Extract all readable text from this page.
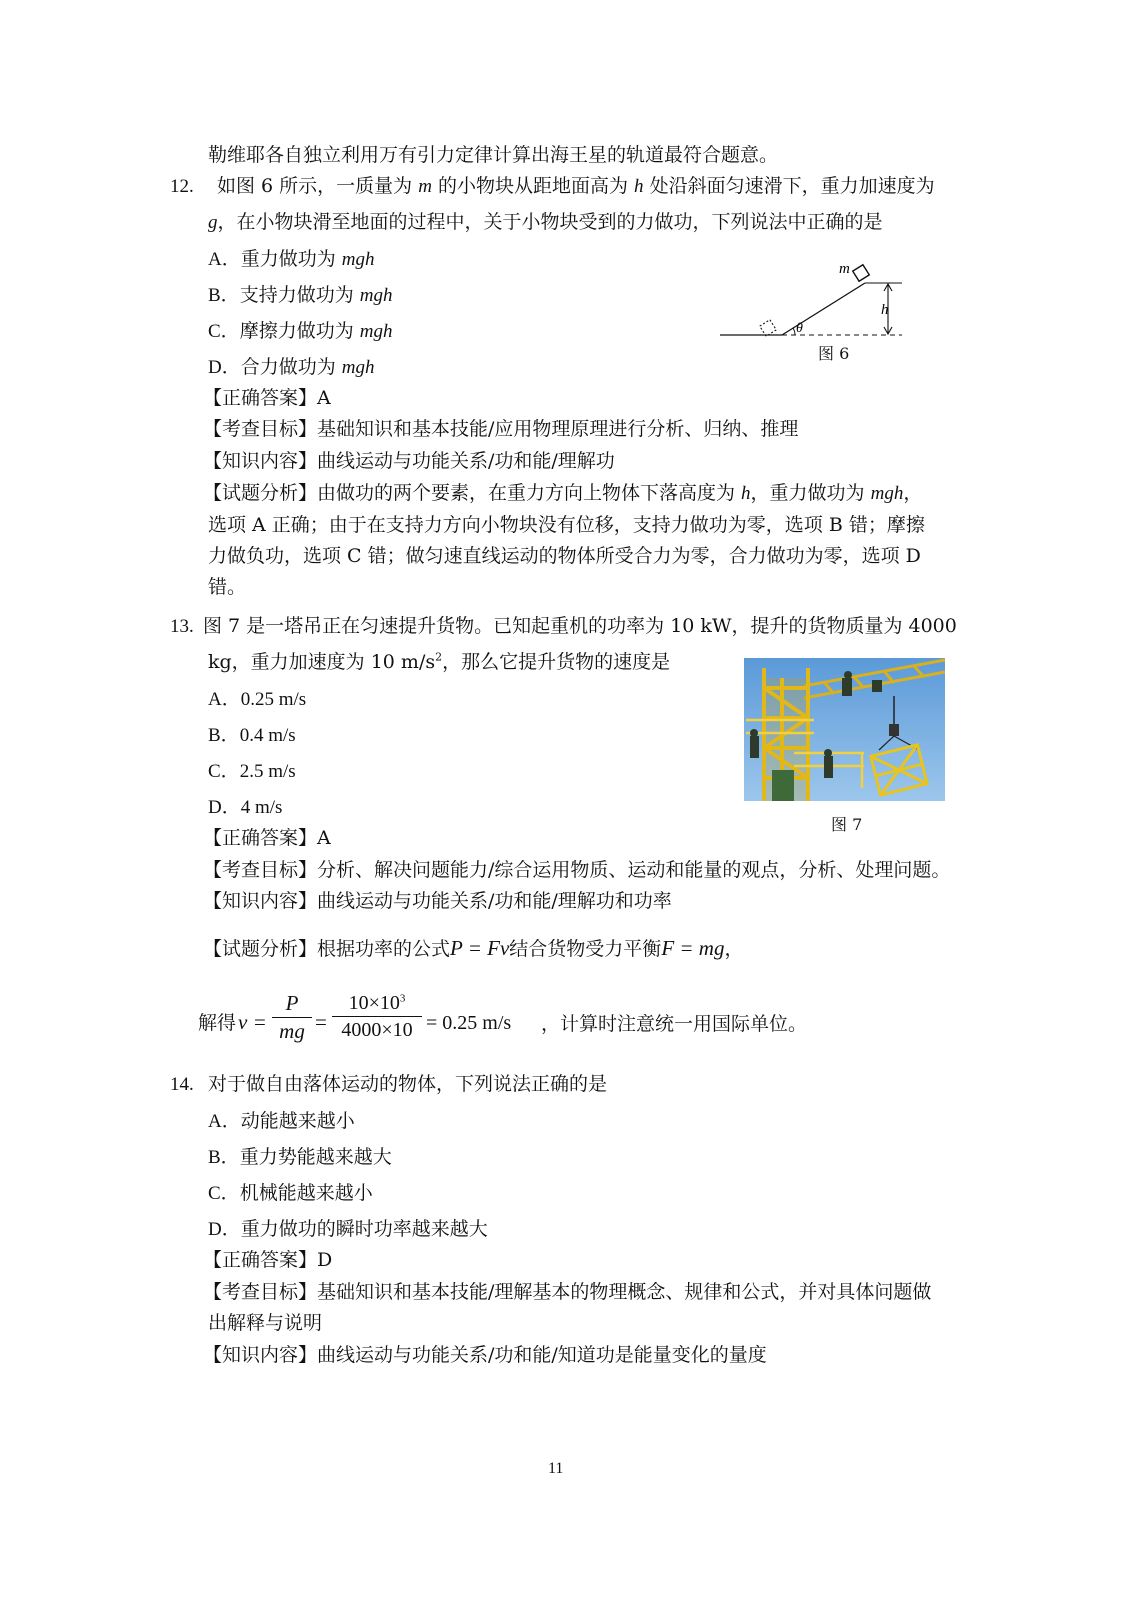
勒维耶各自独立利用万有引力定律计算出海王星的轨道最符合题意。
12. 如图 6 所示，一质量为 m 的小物块从距地面高为 h 处沿斜面匀速滑下，重力加速度为
g，在小物块滑至地面的过程中，关于小物块受到的力做功，下列说法中正确的是
A．重力做功为 mgh
B．支持力做功为 mgh
C．摩擦力做功为 mgh
D．合力做功为 mgh
m
h
θ
图 6
【正确答案】A
【考查目标】基础知识和基本技能/应用物理原理进行分析、归纳、推理
【知识内容】曲线运动与功能关系/功和能/理解功
【试题分析】由做功的两个要素，在重力方向上物体下落高度为 h，重力做功为 mgh，
选项 A 正确；由于在支持力方向小物块没有位移，支持力做功为零，选项 B 错；摩擦
力做负功，选项 C 错；做匀速直线运动的物体所受合力为零，合力做功为零，选项 D
错。
13. 图 7 是一塔吊正在匀速提升货物。已知起重机的功率为 10 kW，提升的货物质量为 4000
kg，重力加速度为 10 $m/s^2$，那么它提升货物的速度是
A．0.25 m/s
B．0.4 m/s
C．2.5 m/s
D．4 m/s
图 7
【正确答案】A
【考查目标】分析、解决问题能力/综合运用物质、运动和能量的观点，分析、处理问题。
【知识内容】曲线运动与功能关系/功和能/理解功和功率
【试题分析】根据功率的公式P = Fv结合货物受力平衡F = mg，
解得 v =
P
mg =
$10\times 10^3$
4000×10 = 0.25 m/s ，计算时注意统一用国际单位。
14. 对于做自由落体运动的物体，下列说法正确的是
A．动能越来越小
B．重力势能越来越大
C．机械能越来越小
D．重力做功的瞬时功率越来越大
【正确答案】D
【考查目标】基础知识和基本技能/理解基本的物理概念、规律和公式，并对具体问题做
出解释与说明
【知识内容】曲线运动与功能关系/功和能/知道功是能量变化的量度
11
